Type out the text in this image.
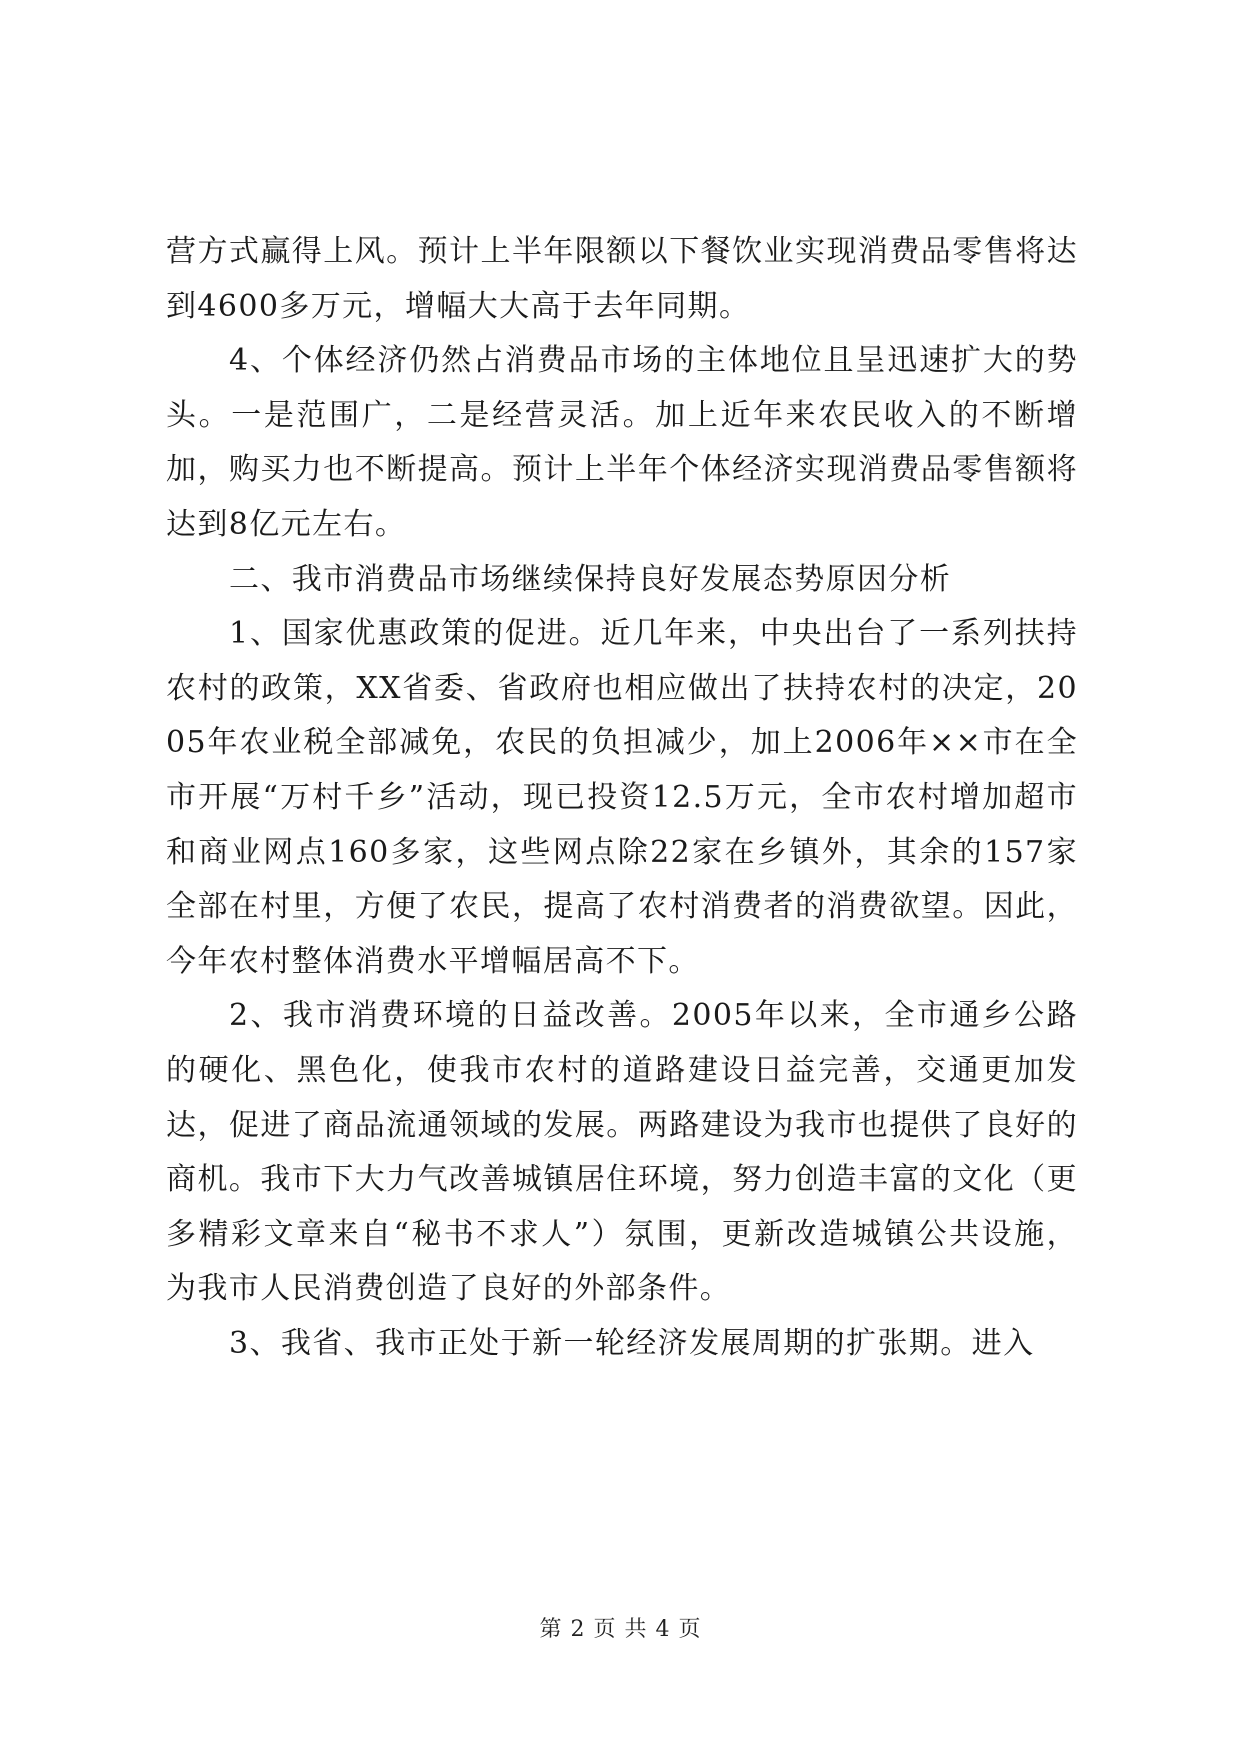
营方式赢得上风。预计上半年限额以下餐饮业实现消费品零售将达到4600多万元，增幅大大高于去年同期。

4、个体经济仍然占消费品市场的主体地位且呈迅速扩大的势头。一是范围广，二是经营灵活。加上近年来农民收入的不断增加，购买力也不断提高。预计上半年个体经济实现消费品零售额将达到8亿元左右。

二、我市消费品市场继续保持良好发展态势原因分析

1、国家优惠政策的促进。近几年来，中央出台了一系列扶持农村的政策，XX省委、省政府也相应做出了扶持农村的决定，2005年农业税全部减免，农民的负担减少，加上2006年××市在全市开展“万村千乡”活动，现已投资12.5万元，全市农村增加超市和商业网点160多家，这些网点除22家在乡镇外，其余的157家全部在村里，方便了农民，提高了农村消费者的消费欲望。因此，今年农村整体消费水平增幅居高不下。

2、我市消费环境的日益改善。2005年以来，全市通乡公路的硬化、黑色化，使我市农村的道路建设日益完善，交通更加发达，促进了商品流通领域的发展。两路建设为我市也提供了良好的商机。我市下大力气改善城镇居住环境，努力创造丰富的文化（更多精彩文章来自“秘书不求人”）氛围，更新改造城镇公共设施，为我市人民消费创造了良好的外部条件。

3、我省、我市正处于新一轮经济发展周期的扩张期。进入

第 2 页 共 4 页
